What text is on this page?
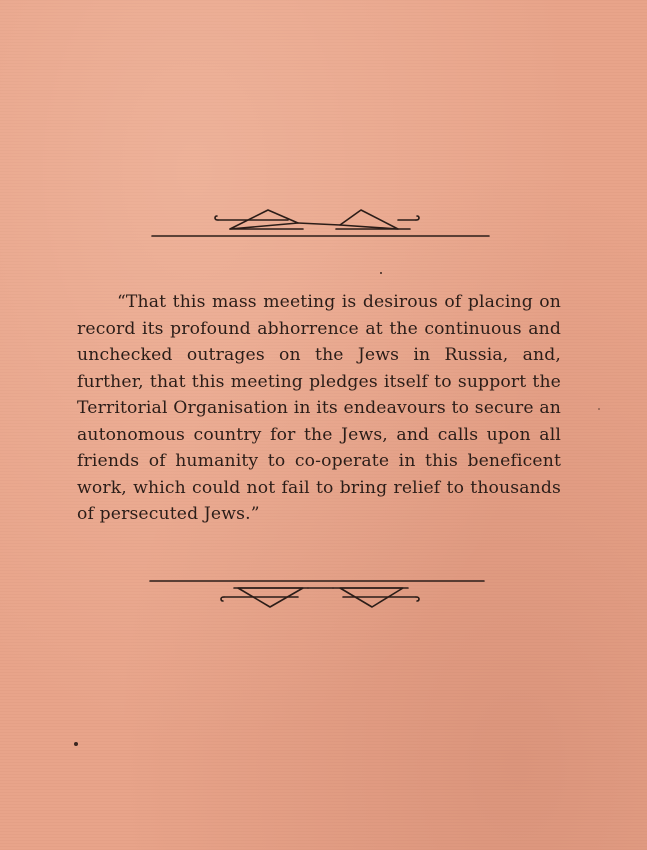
“That this mass meeting is desirous of placing on record its profound abhorrence at the continuous and unchecked outrages on the Jews in Russia, and, further, that this meeting pledges itself to support the Territorial Organisation in its endeavours to secure an autonomous country for the Jews, and calls upon all friends of humanity to co-operate in this beneficent work, which could not fail to bring relief to thousands of persecuted Jews.”
